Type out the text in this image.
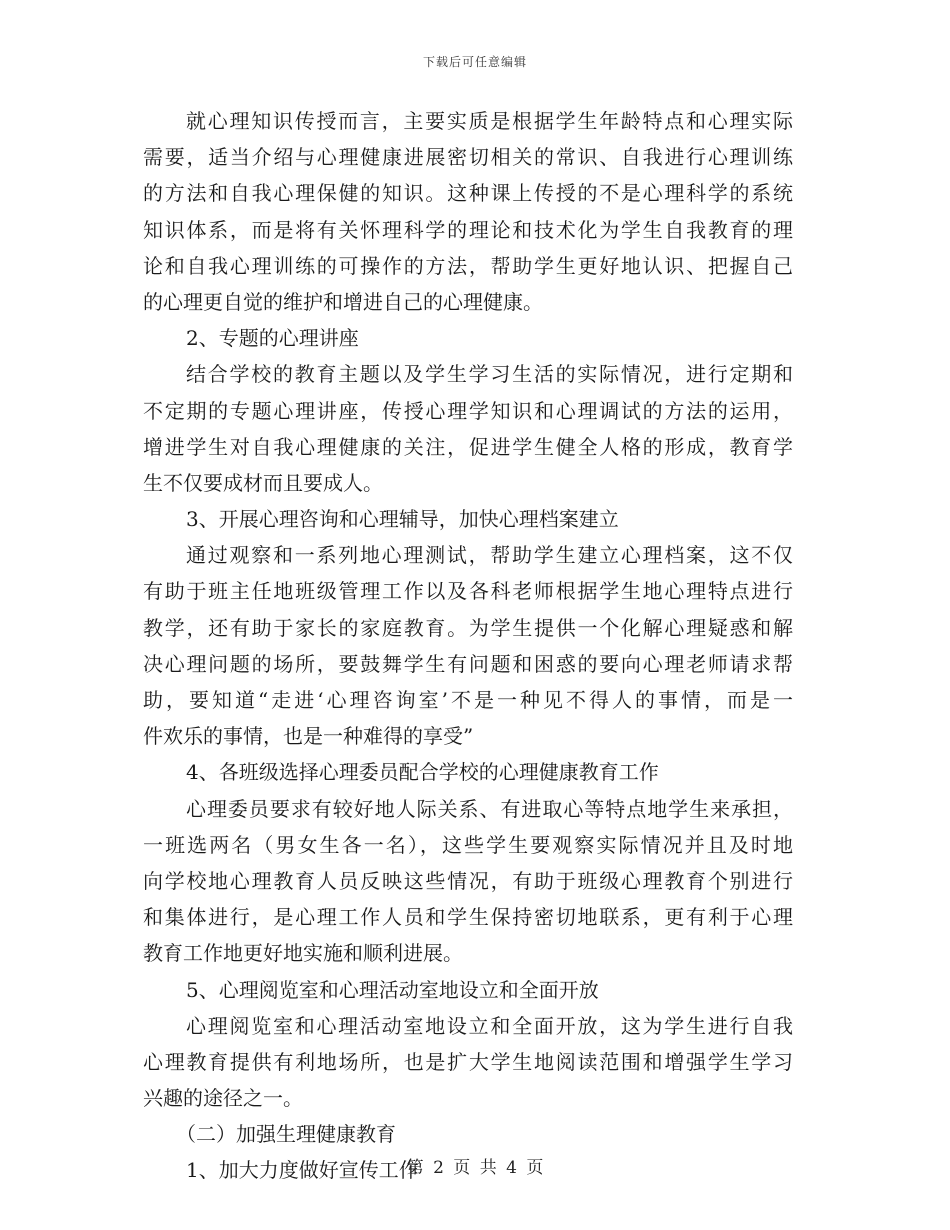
下载后可任意编辑
就心理知识传授而言，主要实质是根据学生年龄特点和心理实际
需要，适当介绍与心理健康进展密切相关的常识、自我进行心理训练
的方法和自我心理保健的知识。这种课上传授的不是心理科学的系统
知识体系，而是将有关怀理科学的理论和技术化为学生自我教育的理
论和自我心理训练的可操作的方法，帮助学生更好地认识、把握自己
的心理更自觉的维护和增进自己的心理健康。
2、专题的心理讲座
结合学校的教育主题以及学生学习生活的实际情况，进行定期和
不定期的专题心理讲座，传授心理学知识和心理调试的方法的运用，
增进学生对自我心理健康的关注，促进学生健全人格的形成，教育学
生不仅要成材而且要成人。
3、开展心理咨询和心理辅导，加快心理档案建立
通过观察和一系列地心理测试，帮助学生建立心理档案，这不仅
有助于班主任地班级管理工作以及各科老师根据学生地心理特点进行
教学，还有助于家长的家庭教育。为学生提供一个化解心理疑惑和解
决心理问题的场所，要鼓舞学生有问题和困惑的要向心理老师请求帮
助，要知道“走进‘心理咨询室’不是一种见不得人的事情，而是一
件欢乐的事情，也是一种难得的享受”
4、各班级选择心理委员配合学校的心理健康教育工作
心理委员要求有较好地人际关系、有进取心等特点地学生来承担，
一班选两名（男女生各一名），这些学生要观察实际情况并且及时地
向学校地心理教育人员反映这些情况，有助于班级心理教育个别进行
和集体进行，是心理工作人员和学生保持密切地联系，更有利于心理
教育工作地更好地实施和顺利进展。
5、心理阅览室和心理活动室地设立和全面开放
心理阅览室和心理活动室地设立和全面开放，这为学生进行自我
心理教育提供有利地场所，也是扩大学生地阅读范围和增强学生学习
兴趣的途径之一。
（二）加强生理健康教育
1、加大力度做好宣传工作
第 2 页 共 4 页
